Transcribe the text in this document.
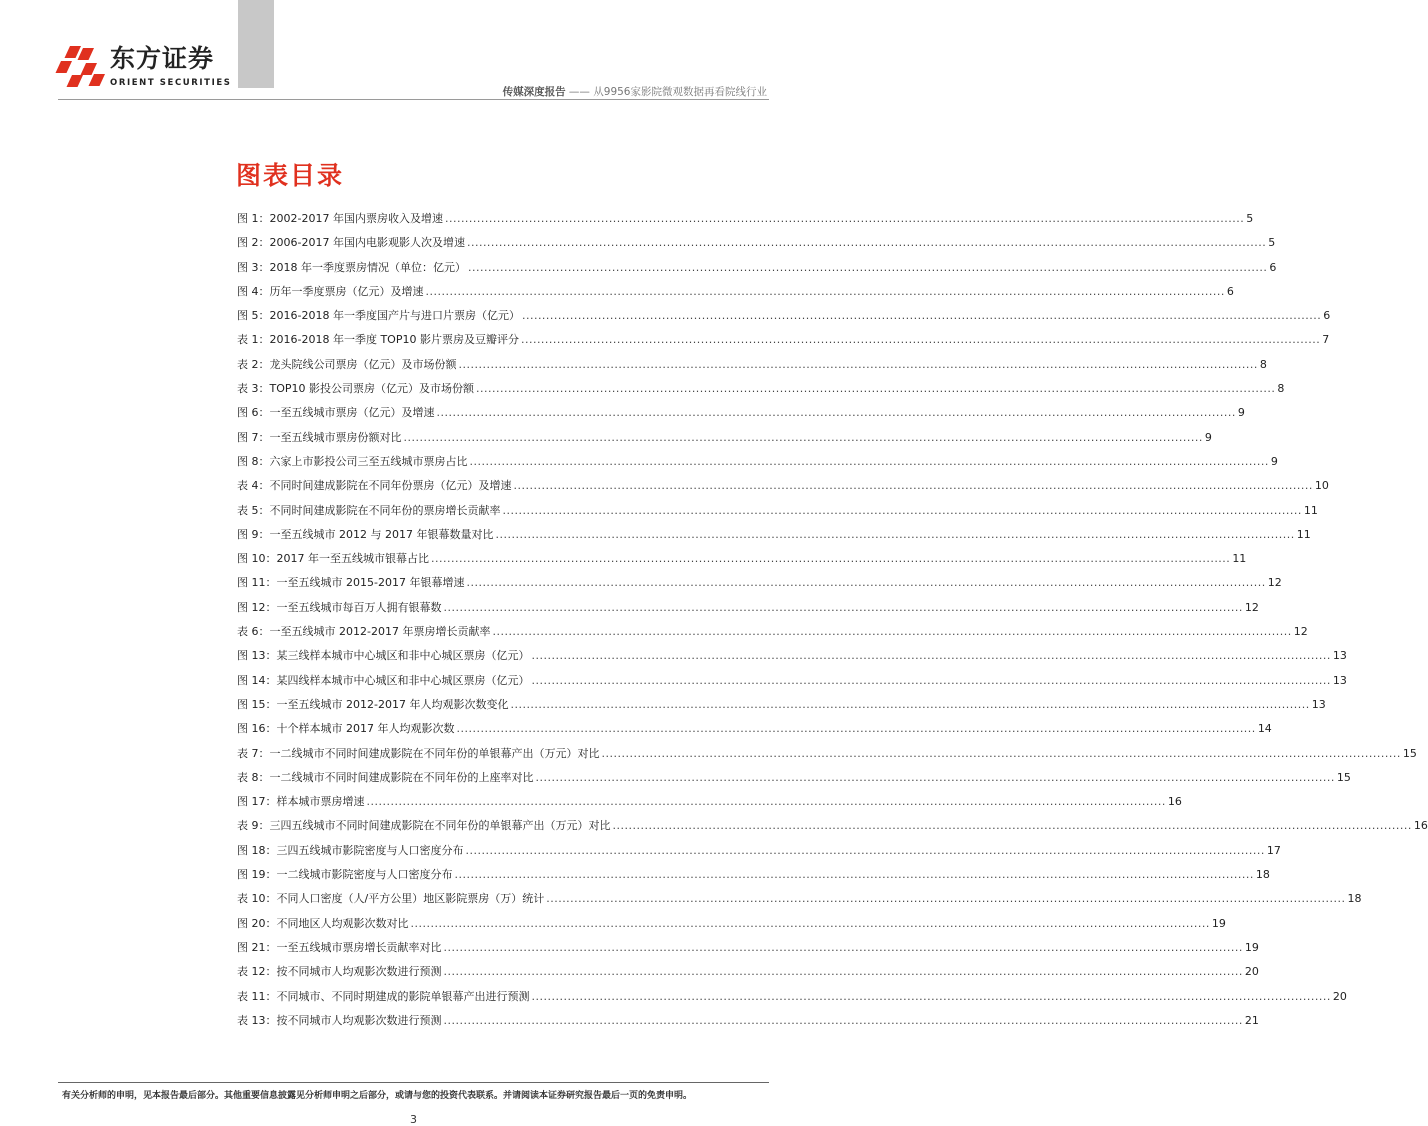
东方证券
ORIENT SECURITIES
传媒深度报告 —— 从9956家影院微观数据再看院线行业
图表目录
图 1：2002-2017 年国内票房收入及增速 ........................................................................................................................................................................................................ 5
图 2：2006-2017 年国内电影观影人次及增速 ........................................................................................................................................................................................................ 5
图 3：2018 年一季度票房情况（单位：亿元） ........................................................................................................................................................................................................ 6
图 4：历年一季度票房（亿元）及增速 ........................................................................................................................................................................................................ 6
图 5：2016-2018 年一季度国产片与进口片票房（亿元） ........................................................................................................................................................................................................ 6
表 1：2016-2018 年一季度 TOP10 影片票房及豆瓣评分 ........................................................................................................................................................................................................ 7
表 2：龙头院线公司票房（亿元）及市场份额 ........................................................................................................................................................................................................ 8
表 3：TOP10 影投公司票房（亿元）及市场份额 ........................................................................................................................................................................................................ 8
图 6：一至五线城市票房（亿元）及增速 ........................................................................................................................................................................................................ 9
图 7：一至五线城市票房份额对比 ........................................................................................................................................................................................................ 9
图 8：六家上市影投公司三至五线城市票房占比 ........................................................................................................................................................................................................ 9
表 4：不同时间建成影院在不同年份票房（亿元）及增速 ........................................................................................................................................................................................................ 10
表 5：不同时间建成影院在不同年份的票房增长贡献率 ........................................................................................................................................................................................................ 11
图 9：一至五线城市 2012 与 2017 年银幕数量对比 ........................................................................................................................................................................................................ 11
图 10：2017 年一至五线城市银幕占比 ........................................................................................................................................................................................................ 11
图 11：一至五线城市 2015-2017 年银幕增速 ........................................................................................................................................................................................................ 12
图 12：一至五线城市每百万人拥有银幕数 ........................................................................................................................................................................................................ 12
表 6：一至五线城市 2012-2017 年票房增长贡献率 ........................................................................................................................................................................................................ 12
图 13：某三线样本城市中心城区和非中心城区票房（亿元） ........................................................................................................................................................................................................ 13
图 14：某四线样本城市中心城区和非中心城区票房（亿元） ........................................................................................................................................................................................................ 13
图 15：一至五线城市 2012-2017 年人均观影次数变化 ........................................................................................................................................................................................................ 13
图 16：十个样本城市 2017 年人均观影次数 ........................................................................................................................................................................................................ 14
表 7：一二线城市不同时间建成影院在不同年份的单银幕产出（万元）对比 ........................................................................................................................................................................................................ 15
表 8：一二线城市不同时间建成影院在不同年份的上座率对比 ........................................................................................................................................................................................................ 15
图 17：样本城市票房增速 ........................................................................................................................................................................................................ 16
表 9：三四五线城市不同时间建成影院在不同年份的单银幕产出（万元）对比 ........................................................................................................................................................................................................ 16
图 18：三四五线城市影院密度与人口密度分布 ........................................................................................................................................................................................................ 17
图 19：一二线城市影院密度与人口密度分布 ........................................................................................................................................................................................................ 18
表 10：不同人口密度（人/平方公里）地区影院票房（万）统计 ........................................................................................................................................................................................................ 18
图 20：不同地区人均观影次数对比 ........................................................................................................................................................................................................ 19
图 21：一至五线城市票房增长贡献率对比 ........................................................................................................................................................................................................ 19
表 12：按不同城市人均观影次数进行预测 ........................................................................................................................................................................................................ 20
表 11：不同城市、不同时期建成的影院单银幕产出进行预测 ........................................................................................................................................................................................................ 20
表 13：按不同城市人均观影次数进行预测 ........................................................................................................................................................................................................ 21
有关分析师的申明，见本报告最后部分。其他重要信息披露见分析师申明之后部分，或请与您的投资代表联系。并请阅读本证券研究报告最后一页的免责申明。
3
